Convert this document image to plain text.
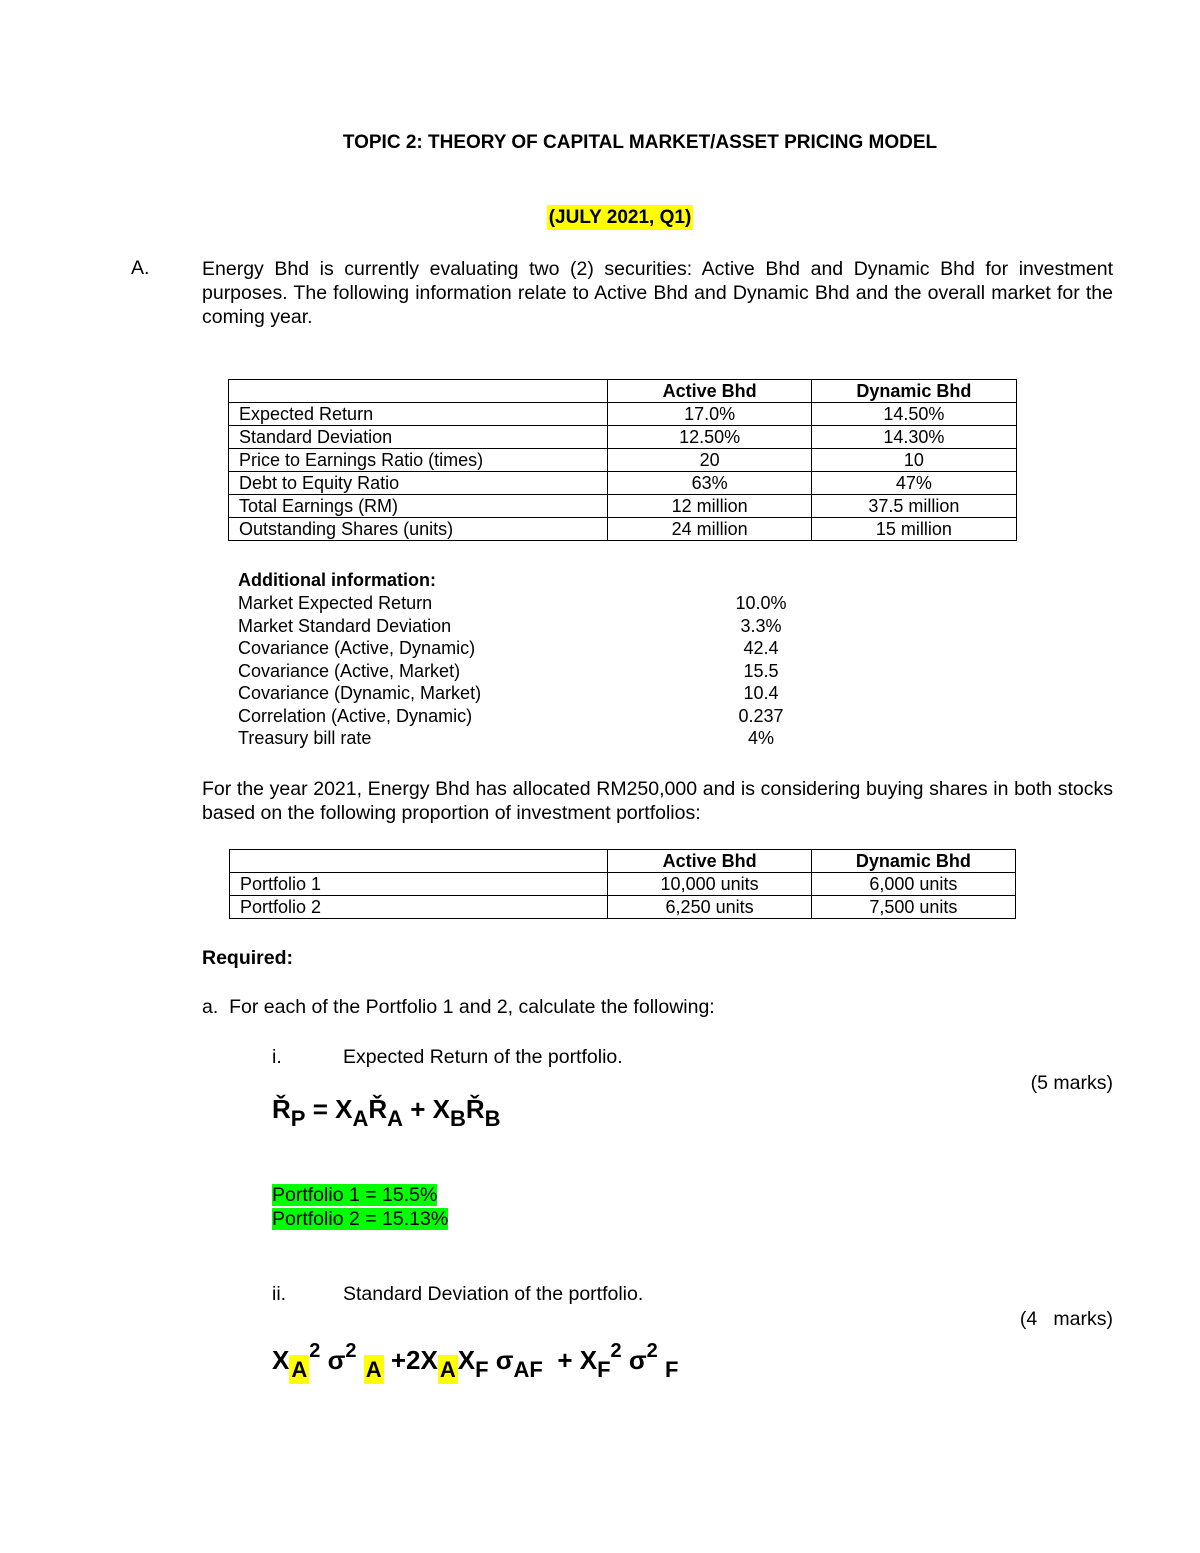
TOPIC 2: THEORY OF CAPITAL MARKET/ASSET PRICING MODEL
(JULY 2021, Q1)
A.	Energy Bhd is currently evaluating two (2) securities: Active Bhd and Dynamic Bhd for investment purposes. The following information relate to Active Bhd and Dynamic Bhd and the overall market for the coming year.
	Active Bhd	Dynamic Bhd
Expected Return	17.0%	14.50%
Standard Deviation	12.50%	14.30%
Price to Earnings Ratio (times)	20	10
Debt to Equity Ratio	63%	47%
Total Earnings (RM)	12 million	37.5 million
Outstanding Shares (units)	24 million	15 million
Additional information:
Market Expected Return	10.0%
Market Standard Deviation	3.3%
Covariance (Active, Dynamic)	42.4
Covariance (Active, Market)	15.5
Covariance (Dynamic, Market)	10.4
Correlation (Active, Dynamic)	0.237
Treasury bill rate	4%
For the year 2021, Energy Bhd has allocated RM250,000 and is considering buying shares in both stocks based on the following proportion of investment portfolios:
	Active Bhd	Dynamic Bhd
Portfolio 1	10,000 units	6,000 units
Portfolio 2	6,250 units	7,500 units
Required:
a.  For each of the Portfolio 1 and 2, calculate the following:
i.	Expected Return of the portfolio.
(5 marks)
$Ř_P$ = $X_AŘ_A$ + $X_BŘ_B$
Portfolio 1 = 15.5%
Portfolio 2 = 15.13%
ii.	Standard Deviation of the portfolio.
(4   marks)
$X_A^2$ $\sigma^2$ $_A +2X_AX_F$ $\sigma_{AF} + X_F^2$ $\sigma^2$ $_F$
